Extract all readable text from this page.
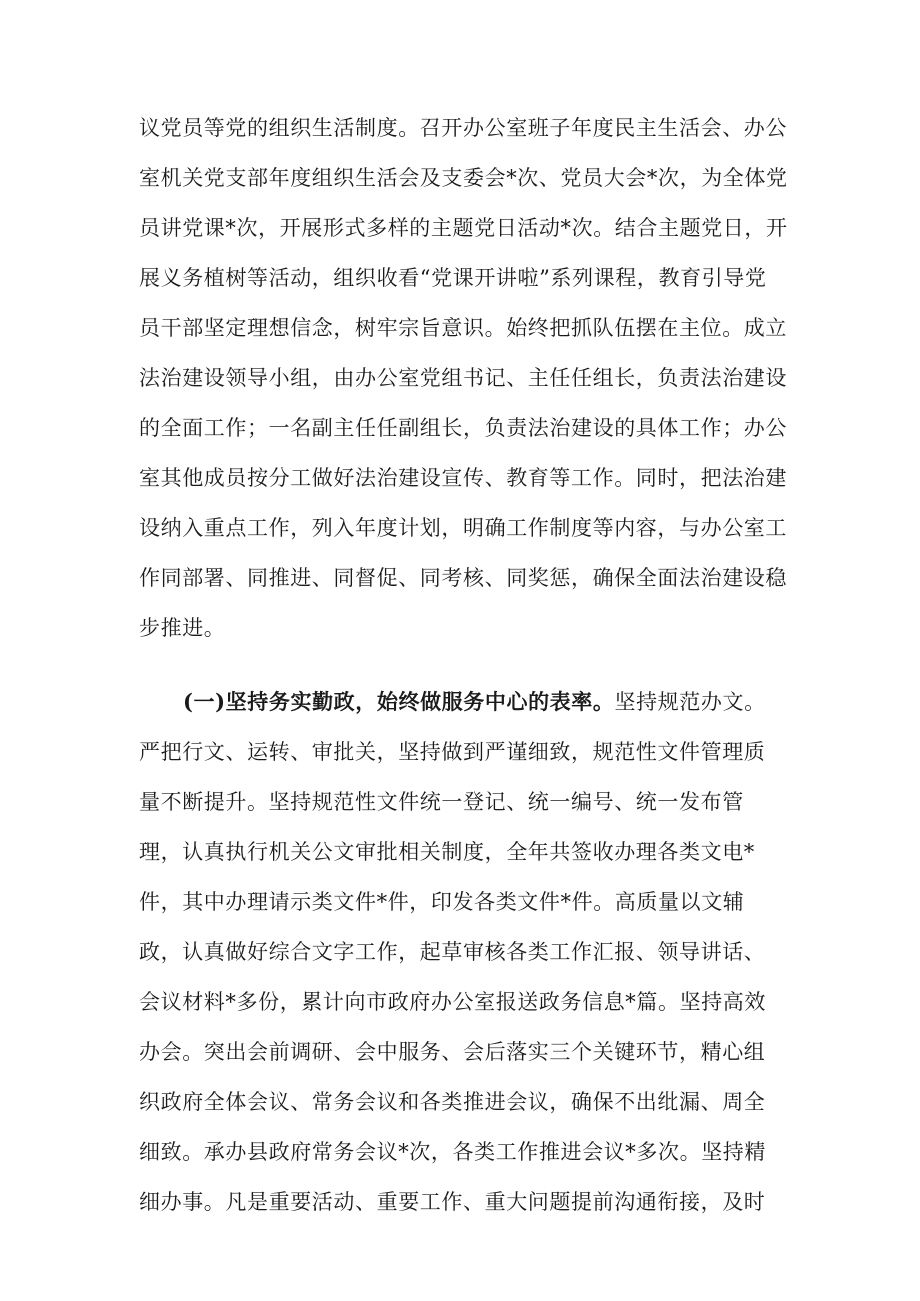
议党员等党的组织生活制度。召开办公室班子年度民主生活会、办公
室机关党支部年度组织生活会及支委会*次、党员大会*次，为全体党
员讲党课*次，开展形式多样的主题党日活动*次。结合主题党日，开
展义务植树等活动，组织收看“党课开讲啦”系列课程，教育引导党
员干部坚定理想信念，树牢宗旨意识。始终把抓队伍摆在主位。成立
法治建设领导小组，由办公室党组书记、主任任组长，负责法治建设
的全面工作；一名副主任任副组长，负责法治建设的具体工作；办公
室其他成员按分工做好法治建设宣传、教育等工作。同时，把法治建
设纳入重点工作，列入年度计划，明确工作制度等内容，与办公室工
作同部署、同推进、同督促、同考核、同奖惩，确保全面法治建设稳
步推进。
(一)坚持务实勤政，始终做服务中心的表率。坚持规范办文。
严把行文、运转、审批关，坚持做到严谨细致，规范性文件管理质
量不断提升。坚持规范性文件统一登记、统一编号、统一发布管
理，认真执行机关公文审批相关制度，全年共签收办理各类文电*
件，其中办理请示类文件*件，印发各类文件*件。高质量以文辅
政，认真做好综合文字工作，起草审核各类工作汇报、领导讲话、
会议材料*多份，累计向市政府办公室报送政务信息*篇。坚持高效
办会。突出会前调研、会中服务、会后落实三个关键环节，精心组
织政府全体会议、常务会议和各类推进会议，确保不出纰漏、周全
细致。承办县政府常务会议*次，各类工作推进会议*多次。坚持精
细办事。凡是重要活动、重要工作、重大问题提前沟通衔接，及时
